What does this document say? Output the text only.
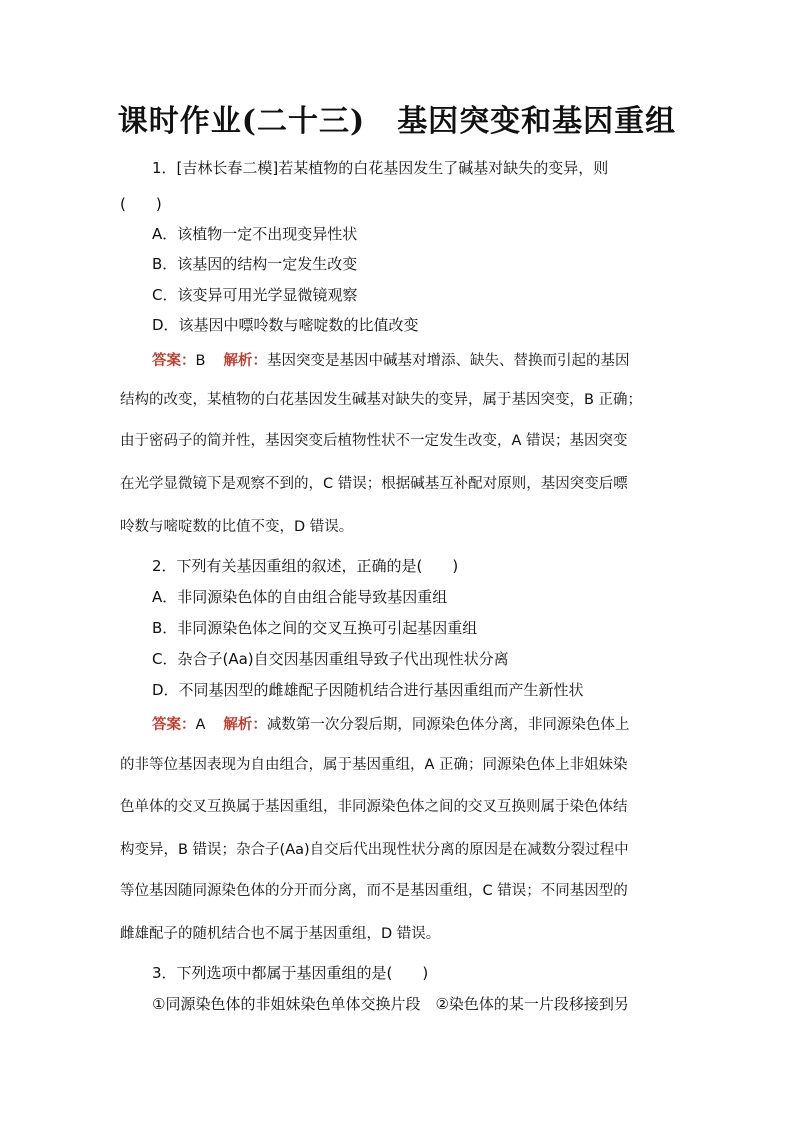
课时作业(二十三) 基因突变和基因重组
1．[吉林长春二模]若某植物的白花基因发生了碱基对缺失的变异，则
(　　)
A．该植物一定不出现变异性状
B．该基因的结构一定发生改变
C．该变异可用光学显微镜观察
D．该基因中嘌呤数与嘧啶数的比值改变
答案：B 解析：基因突变是基因中碱基对增添、缺失、替换而引起的基因
结构的改变，某植物的白花基因发生碱基对缺失的变异，属于基因突变，B 正确；
由于密码子的简并性，基因突变后植物性状不一定发生改变，A 错误；基因突变
在光学显微镜下是观察不到的，C 错误；根据碱基互补配对原则，基因突变后嘌
呤数与嘧啶数的比值不变，D 错误。
2．下列有关基因重组的叙述，正确的是(　　)
A．非同源染色体的自由组合能导致基因重组
B．非同源染色体之间的交叉互换可引起基因重组
C．杂合子(Aa)自交因基因重组导致子代出现性状分离
D．不同基因型的雌雄配子因随机结合进行基因重组而产生新性状
答案：A 解析：减数第一次分裂后期，同源染色体分离，非同源染色体上
的非等位基因表现为自由组合，属于基因重组，A 正确；同源染色体上非姐妹染
色单体的交叉互换属于基因重组，非同源染色体之间的交叉互换则属于染色体结
构变异，B 错误；杂合子(Aa)自交后代出现性状分离的原因是在减数分裂过程中
等位基因随同源染色体的分开而分离，而不是基因重组，C 错误；不同基因型的
雌雄配子的随机结合也不属于基因重组，D 错误。
3．下列选项中都属于基因重组的是(　　)
①同源染色体的非姐妹染色单体交换片段　②染色体的某一片段移接到另
